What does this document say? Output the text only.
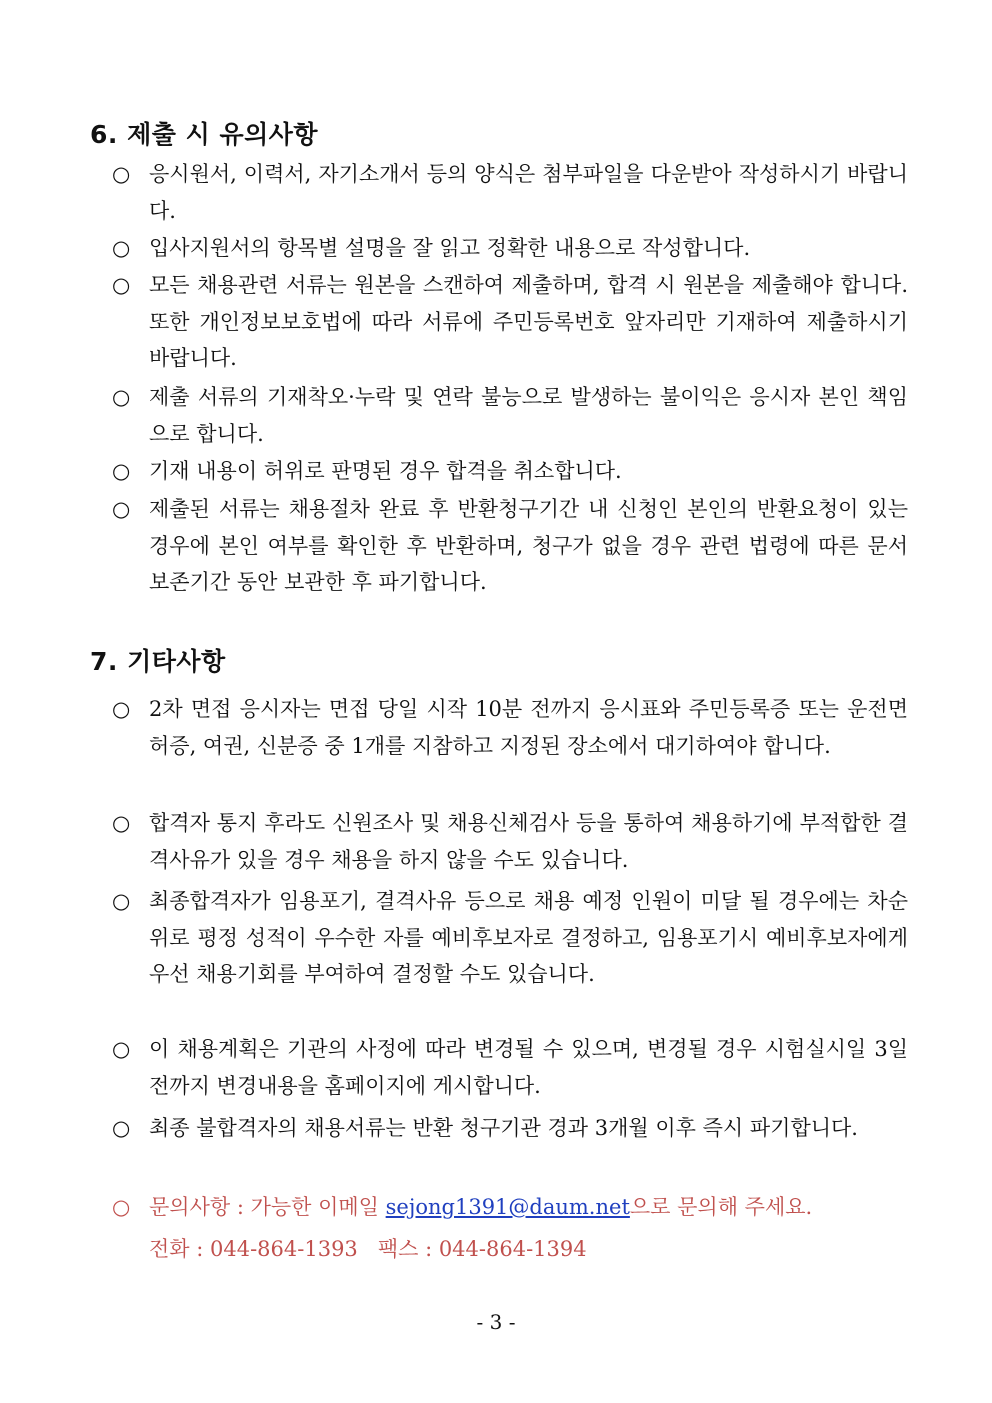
6. 제출 시 유의사항
○ 응시원서, 이력서, 자기소개서 등의 양식은 첨부파일을 다운받아 작성하시기 바랍니다.
○ 입사지원서의 항목별 설명을 잘 읽고 정확한 내용으로 작성합니다.
○ 모든 채용관련 서류는 원본을 스캔하여 제출하며, 합격 시 원본을 제출해야 합니다. 또한 개인정보보호법에 따라 서류에 주민등록번호 앞자리만 기재하여 제출하시기 바랍니다.
○ 제출 서류의 기재착오·누락 및 연락 불능으로 발생하는 불이익은 응시자 본인 책임으로 합니다.
○ 기재 내용이 허위로 판명된 경우 합격을 취소합니다.
○ 제출된 서류는 채용절차 완료 후 반환청구기간 내 신청인 본인의 반환요청이 있는 경우에 본인 여부를 확인한 후 반환하며, 청구가 없을 경우 관련 법령에 따른 문서 보존기간 동안 보관한 후 파기합니다.
7. 기타사항
○ 2차 면접 응시자는 면접 당일 시작 10분 전까지 응시표와 주민등록증 또는 운전면허증, 여권, 신분증 중 1개를 지참하고 지정된 장소에서 대기하여야 합니다.
○ 합격자 통지 후라도 신원조사 및 채용신체검사 등을 통하여 채용하기에 부적합한 결격사유가 있을 경우 채용을 하지 않을 수도 있습니다.
○ 최종합격자가 임용포기, 결격사유 등으로 채용 예정 인원이 미달 될 경우에는 차순위로 평정 성적이 우수한 자를 예비후보자로 결정하고, 임용포기시 예비후보자에게 우선 채용기회를 부여하여 결정할 수도 있습니다.
○ 이 채용계획은 기관의 사정에 따라 변경될 수 있으며, 변경될 경우 시험실시일 3일 전까지 변경내용을 홈페이지에 게시합니다.
○ 최종 불합격자의 채용서류는 반환 청구기관 경과 3개월 이후 즉시 파기합니다.
○ 문의사항 : 가능한 이메일 sejong1391@daum.net으로 문의해 주세요.
전화 : 044-864-1393   팩스 : 044-864-1394
- 3 -
